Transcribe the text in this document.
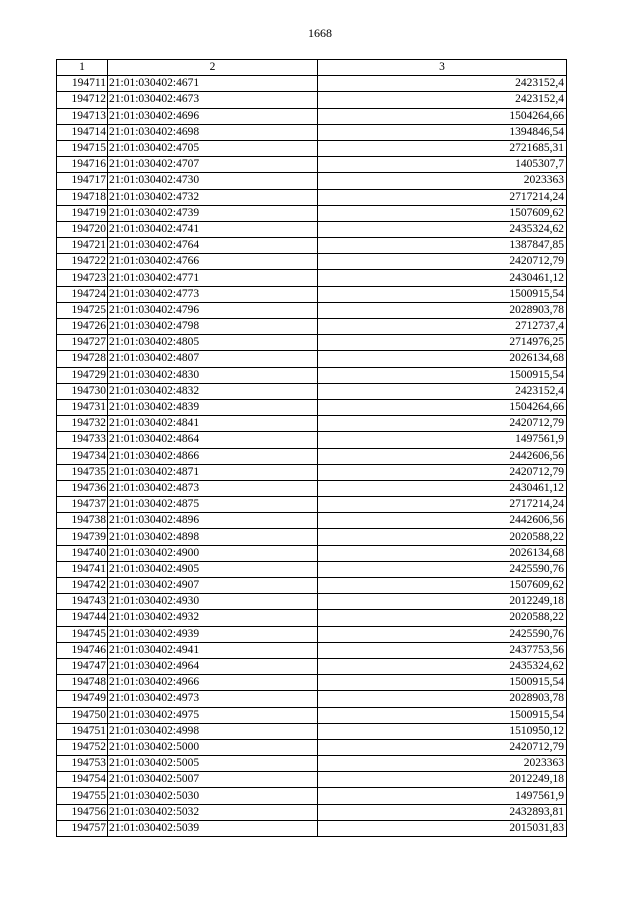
1668
1	2	3
194711	21:01:030402:4671	2423152,4
194712	21:01:030402:4673	2423152,4
194713	21:01:030402:4696	1504264,66
194714	21:01:030402:4698	1394846,54
194715	21:01:030402:4705	2721685,31
194716	21:01:030402:4707	1405307,7
194717	21:01:030402:4730	2023363
194718	21:01:030402:4732	2717214,24
194719	21:01:030402:4739	1507609,62
194720	21:01:030402:4741	2435324,62
194721	21:01:030402:4764	1387847,85
194722	21:01:030402:4766	2420712,79
194723	21:01:030402:4771	2430461,12
194724	21:01:030402:4773	1500915,54
194725	21:01:030402:4796	2028903,78
194726	21:01:030402:4798	2712737,4
194727	21:01:030402:4805	2714976,25
194728	21:01:030402:4807	2026134,68
194729	21:01:030402:4830	1500915,54
194730	21:01:030402:4832	2423152,4
194731	21:01:030402:4839	1504264,66
194732	21:01:030402:4841	2420712,79
194733	21:01:030402:4864	1497561,9
194734	21:01:030402:4866	2442606,56
194735	21:01:030402:4871	2420712,79
194736	21:01:030402:4873	2430461,12
194737	21:01:030402:4875	2717214,24
194738	21:01:030402:4896	2442606,56
194739	21:01:030402:4898	2020588,22
194740	21:01:030402:4900	2026134,68
194741	21:01:030402:4905	2425590,76
194742	21:01:030402:4907	1507609,62
194743	21:01:030402:4930	2012249,18
194744	21:01:030402:4932	2020588,22
194745	21:01:030402:4939	2425590,76
194746	21:01:030402:4941	2437753,56
194747	21:01:030402:4964	2435324,62
194748	21:01:030402:4966	1500915,54
194749	21:01:030402:4973	2028903,78
194750	21:01:030402:4975	1500915,54
194751	21:01:030402:4998	1510950,12
194752	21:01:030402:5000	2420712,79
194753	21:01:030402:5005	2023363
194754	21:01:030402:5007	2012249,18
194755	21:01:030402:5030	1497561,9
194756	21:01:030402:5032	2432893,81
194757	21:01:030402:5039	2015031,83
